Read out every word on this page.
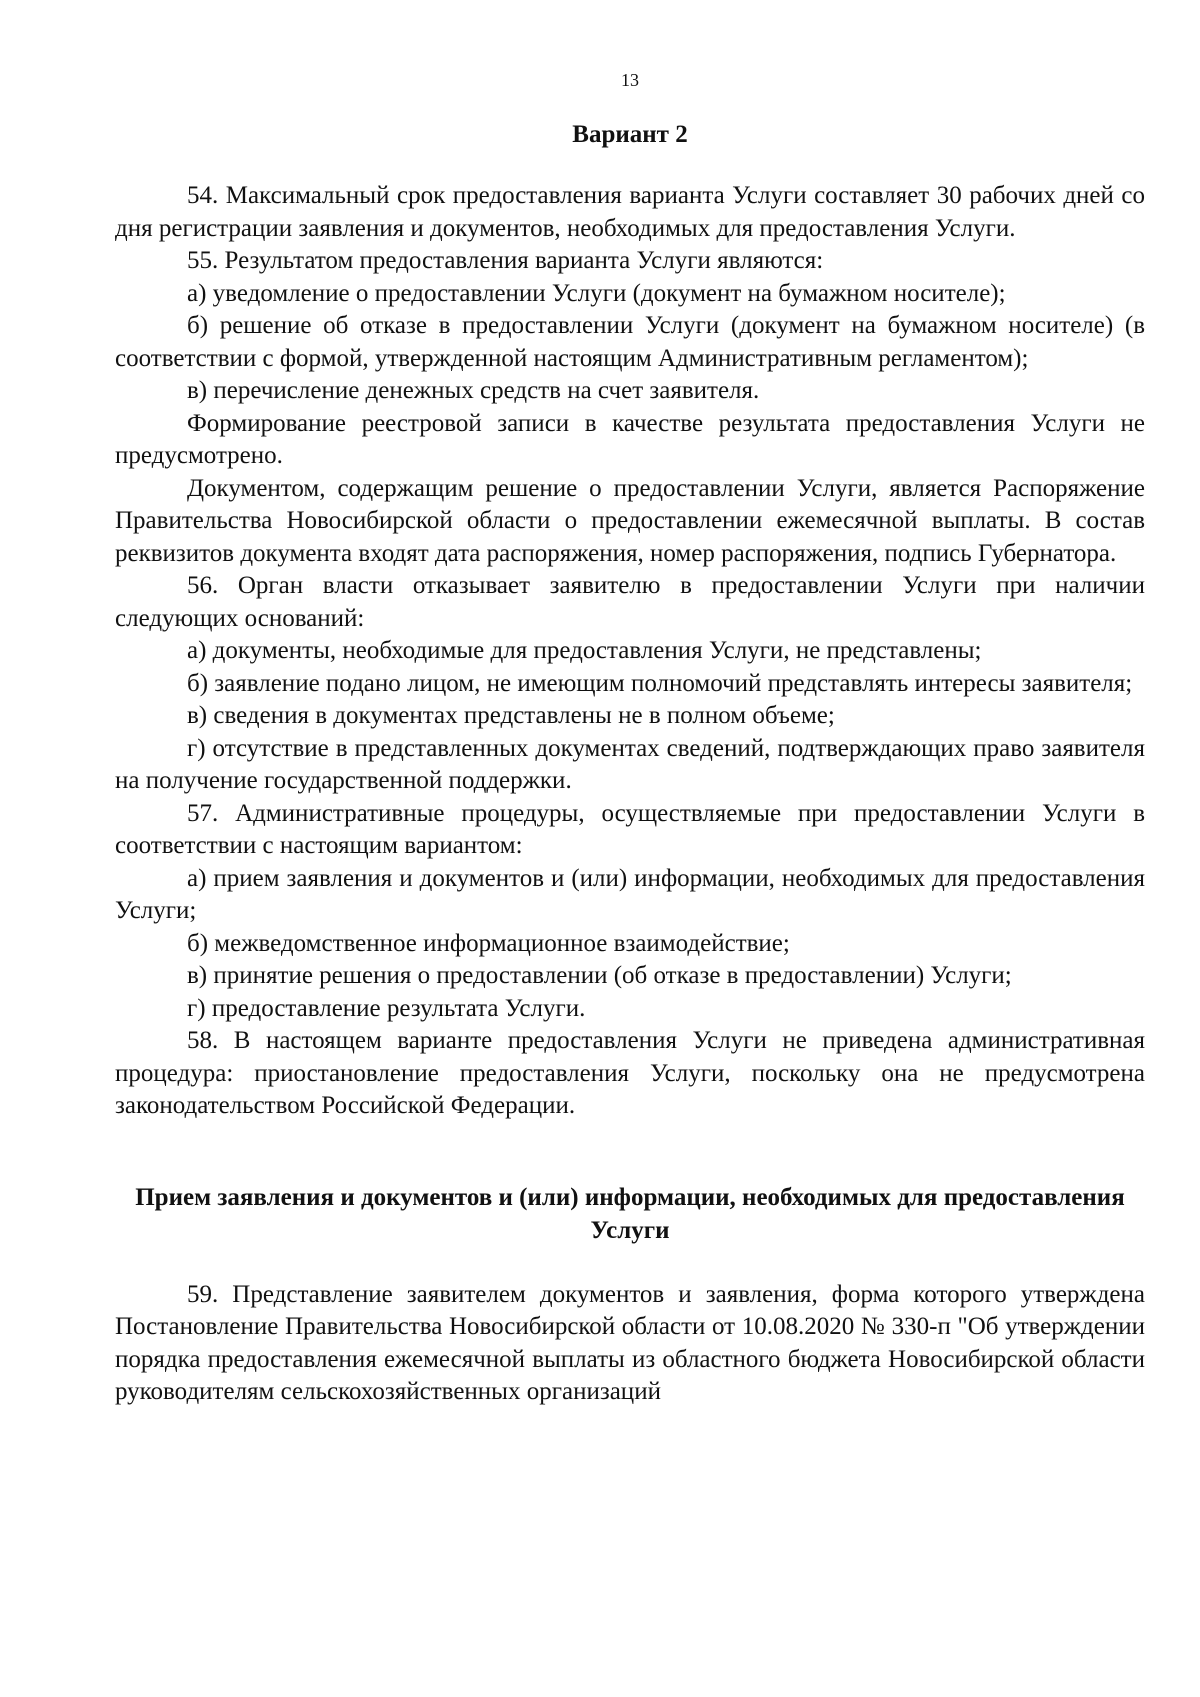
13
Вариант 2

54. Максимальный срок предоставления варианта Услуги составляет 30 рабочих дней со дня регистрации заявления и документов, необходимых для предоставления Услуги.

55. Результатом предоставления варианта Услуги являются:

а) уведомление о предоставлении Услуги (документ на бумажном носителе);

б) решение об отказе в предоставлении Услуги (документ на бумажном носителе) (в соответствии с формой, утвержденной настоящим Административным регламентом);

в) перечисление денежных средств на счет заявителя.

Формирование реестровой записи в качестве результата предоставления Услуги не предусмотрено.

Документом, содержащим решение о предоставлении Услуги, является Распоряжение Правительства Новосибирской области о предоставлении ежемесячной выплаты. В состав реквизитов документа входят дата распоряжения, номер распоряжения, подпись Губернатора.

56. Орган власти отказывает заявителю в предоставлении Услуги при наличии следующих оснований:

а) документы, необходимые для предоставления Услуги, не представлены;

б) заявление подано лицом, не имеющим полномочий представлять интересы заявителя;

в) сведения в документах представлены не в полном объеме;

г) отсутствие в представленных документах сведений, подтверждающих право заявителя на получение государственной поддержки.

57. Административные процедуры, осуществляемые при предоставлении Услуги в соответствии с настоящим вариантом:

а) прием заявления и документов и (или) информации, необходимых для предоставления Услуги;

б) межведомственное информационное взаимодействие;

в) принятие решения о предоставлении (об отказе в предоставлении) Услуги;

г) предоставление результата Услуги.

58. В настоящем варианте предоставления Услуги не приведена административная процедура: приостановление предоставления Услуги, поскольку она не предусмотрена законодательством Российской Федерации.

Прием заявления и документов и (или) информации, необходимых для предоставления Услуги

59. Представление заявителем документов и заявления, форма которого утверждена Постановление Правительства Новосибирской области от 10.08.2020 № 330-п "Об утверждении порядка предоставления ежемесячной выплаты из областного бюджета Новосибирской области руководителям сельскохозяйственных организаций
